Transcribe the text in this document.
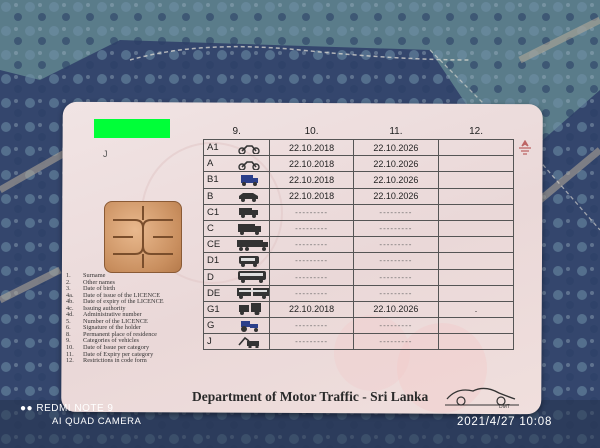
J
1. Surname
2. Other names
3. Date of birth
4a. Date of issue of the LICENCE
4b. Date of expiry of the LICENCE
4c. Issuing authority
4d. Administrative number
5. Number of the LICENCE
6. Signature of the holder
8. Permanent place of residence
9. Categories of vehicles
10. Date of Issue per category
11. Date of Expiry per category
12. Restrictions in code form
9.		10.	11.	12.
A1		22.10.2018	22.10.2026	
A		22.10.2018	22.10.2026	
B1		22.10.2018	22.10.2026	
B		22.10.2018	22.10.2026	
C1		---------	---------	
C		---------	---------	
CE		---------	---------	
D1		---------	---------	
D		---------	---------	
DE		---------	---------	
G1		22.10.2018	22.10.2026	.
G		---------	---------	
J		---------	---------	
Department of Motor Traffic - Sri Lanka
DMT
●● REDMI NOTE 9
AI QUAD CAMERA	2021/4/27 10:08
